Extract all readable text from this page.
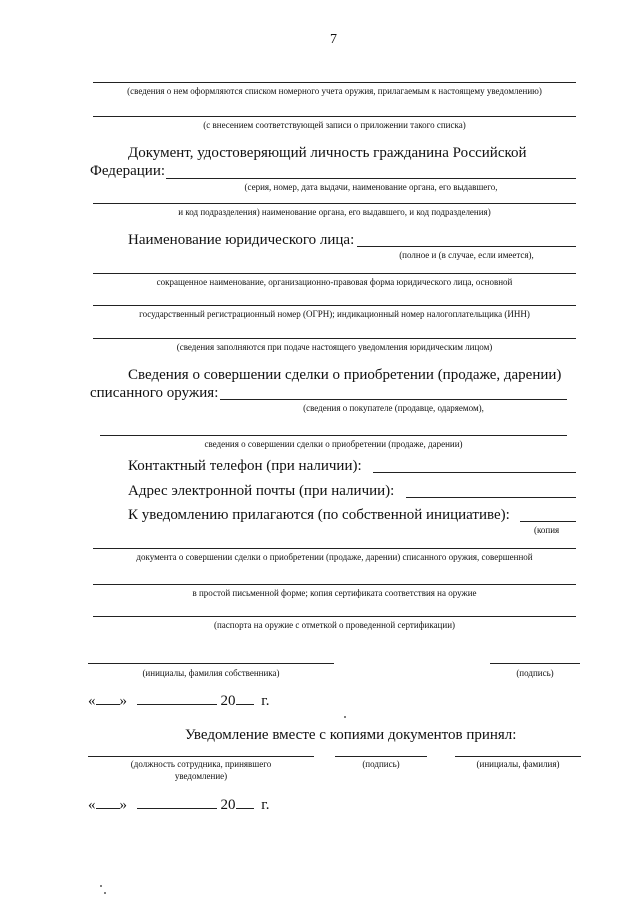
7
(сведения о нем оформляются списком номерного учета оружия, прилагаемым к настоящему уведомлению)
(с внесением соответствующей записи о приложении такого списка)
Документ, удостоверяющий личность гражданина Российской
Федерации:
(серия, номер, дата выдачи, наименование органа, его выдавшего,
и код подразделения) наименование органа, его выдавшего, и код подразделения)
Наименование юридического лица:
(полное и (в случае, если имеется),
сокращенное наименование, организационно-правовая форма юридического лица, основной
государственный регистрационный номер (ОГРН); индикационный номер налогоплательщика (ИНН)
(сведения заполняются при подаче настоящего уведомления юридическим лицом)
Сведения о совершении сделки о приобретении (продаже, дарении)
списанного оружия:
(сведения о покупателе (продавце, одаряемом),
сведения о совершении сделки о приобретении (продаже, дарении)
Контактный телефон (при наличии):
Адрес электронной почты (при наличии):
К уведомлению прилагаются (по собственной инициативе):
(копия
документа о совершении сделки о приобретении (продаже, дарении) списанного оружия, совершенной
в простой письменной форме; копия сертификата соответствия на оружие
(паспорта на оружие с отметкой о проведенной сертификации)
(инициалы, фамилия собственника)	(подпись)
« »	20 г.
Уведомление вместе с копиями документов принял:
(должность сотрудника, принявшего
уведомление)
(подпись)	(инициалы, фамилия)
« »	20 г.
